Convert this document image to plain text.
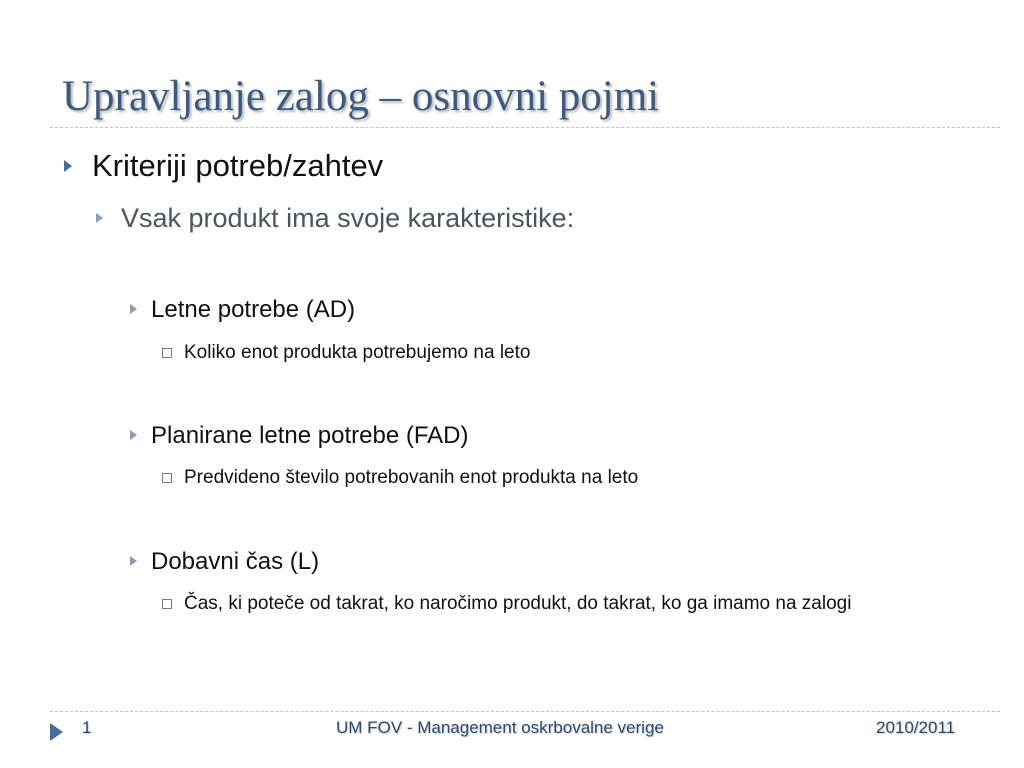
Upravljanje zalog – osnovni pojmi
Kriteriji potreb/zahtev
Vsak produkt ima svoje karakteristike:
Letne potrebe (AD)
Koliko enot produkta potrebujemo na leto
Planirane letne potrebe (FAD)
Predvideno število potrebovanih enot produkta na leto
Dobavni čas (L)
Čas, ki poteče od takrat, ko naročimo produkt, do takrat, ko ga imamo na zalogi
1	UM FOV - Management oskrbovalne verige	2010/2011
